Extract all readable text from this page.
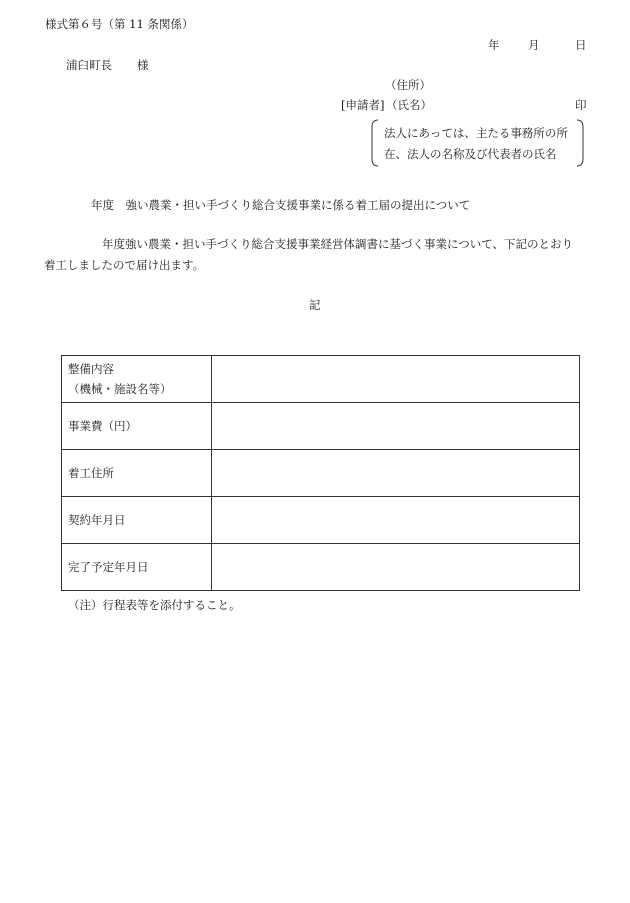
様式第６号（第 11 条関係）
年 月	日
浦臼町長 様
（住所）
[申請者] （氏名）	印
法人にあっては、主たる事務所の所
在、法人の名称及び代表者の氏名
年度　強い農業・担い手づくり総合支援事業に係る着工届の提出について
年度強い農業・担い手づくり総合支援事業経営体調書に基づく事業について、下記のとおり
着工しましたので届け出ます。
記
整備内容
（機械・施設名等）	

事業費（円）	
着工住所	
契約年月日	
完了予定年月日	
（注）行程表等を添付すること。
